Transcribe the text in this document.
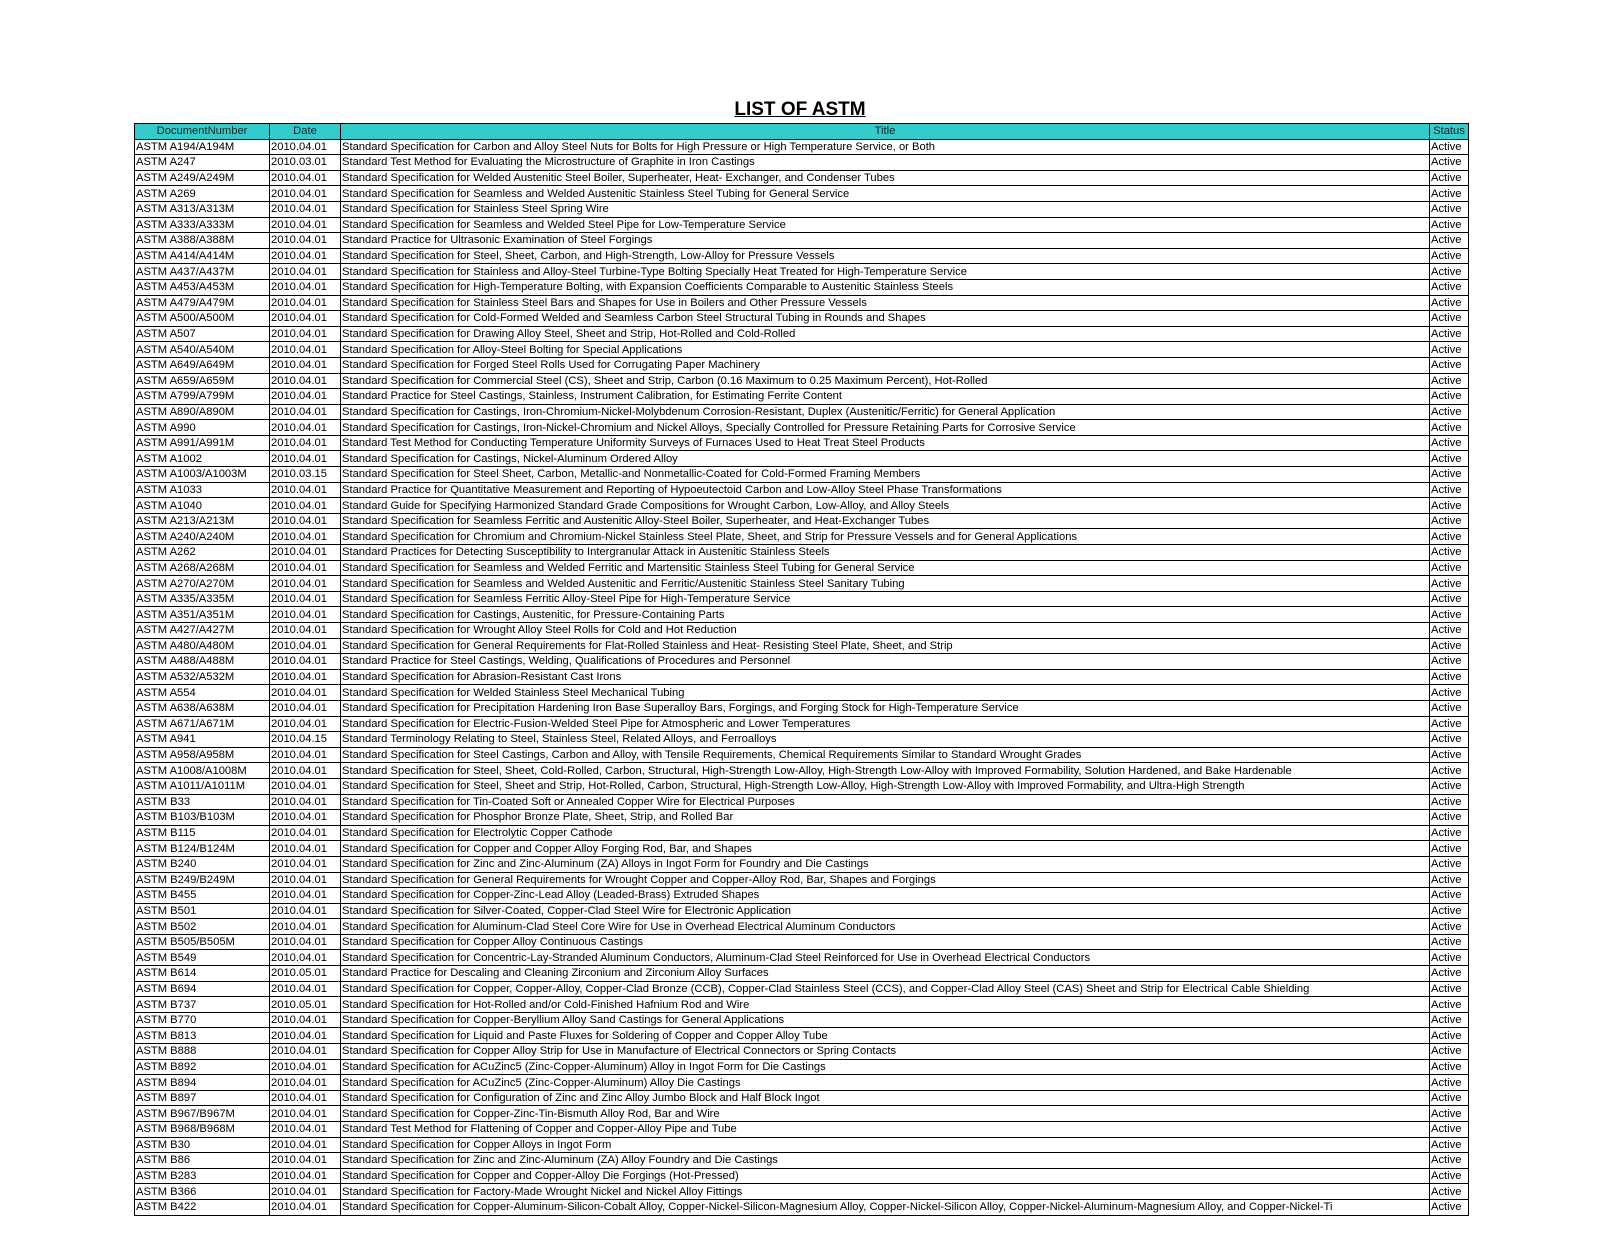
LIST OF ASTM
DocumentNumber	Date	Title	Status
ASTM A194/A194M	2010.04.01	Standard Specification for Carbon and Alloy Steel Nuts for Bolts for High Pressure or High Temperature Service, or Both	Active
ASTM A247	2010.03.01	Standard Test Method for Evaluating the Microstructure of Graphite in Iron Castings	Active
ASTM A249/A249M	2010.04.01	Standard Specification for Welded Austenitic Steel Boiler, Superheater, Heat- Exchanger, and Condenser Tubes	Active
ASTM A269	2010.04.01	Standard Specification for Seamless and Welded Austenitic Stainless Steel Tubing for General Service	Active
ASTM A313/A313M	2010.04.01	Standard Specification for Stainless Steel Spring Wire	Active
ASTM A333/A333M	2010.04.01	Standard Specification for Seamless and Welded Steel Pipe for Low-Temperature Service	Active
ASTM A388/A388M	2010.04.01	Standard Practice for Ultrasonic Examination of Steel Forgings	Active
ASTM A414/A414M	2010.04.01	Standard Specification for Steel, Sheet, Carbon, and High-Strength, Low-Alloy for Pressure Vessels	Active
ASTM A437/A437M	2010.04.01	Standard Specification for Stainless and Alloy-Steel Turbine-Type Bolting Specially Heat Treated for High-Temperature Service	Active
ASTM A453/A453M	2010.04.01	Standard Specification for High-Temperature Bolting, with Expansion Coefficients Comparable to Austenitic Stainless Steels	Active
ASTM A479/A479M	2010.04.01	Standard Specification for Stainless Steel Bars and Shapes for Use in Boilers and Other Pressure Vessels	Active
ASTM A500/A500M	2010.04.01	Standard Specification for Cold-Formed Welded and Seamless Carbon Steel Structural Tubing in Rounds and Shapes	Active
ASTM A507	2010.04.01	Standard Specification for Drawing Alloy Steel, Sheet and Strip, Hot-Rolled and Cold-Rolled	Active
ASTM A540/A540M	2010.04.01	Standard Specification for Alloy-Steel Bolting for Special Applications	Active
ASTM A649/A649M	2010.04.01	Standard Specification for Forged Steel Rolls Used for Corrugating Paper Machinery	Active
ASTM A659/A659M	2010.04.01	Standard Specification for Commercial Steel (CS), Sheet and Strip, Carbon (0.16 Maximum to 0.25 Maximum Percent), Hot-Rolled	Active
ASTM A799/A799M	2010.04.01	Standard Practice for Steel Castings, Stainless, Instrument Calibration, for Estimating Ferrite Content	Active
ASTM A890/A890M	2010.04.01	Standard Specification for Castings, Iron-Chromium-Nickel-Molybdenum Corrosion-Resistant, Duplex (Austenitic/Ferritic) for General Application	Active
ASTM A990	2010.04.01	Standard Specification for Castings, Iron-Nickel-Chromium and Nickel Alloys, Specially Controlled for Pressure Retaining Parts for Corrosive Service	Active
ASTM A991/A991M	2010.04.01	Standard Test Method for Conducting Temperature Uniformity Surveys of Furnaces Used to Heat Treat Steel Products	Active
ASTM A1002	2010.04.01	Standard Specification for Castings, Nickel-Aluminum Ordered Alloy	Active
ASTM A1003/A1003M	2010.03.15	Standard Specification for Steel Sheet, Carbon, Metallic-and Nonmetallic-Coated for Cold-Formed Framing Members	Active
ASTM A1033	2010.04.01	Standard Practice for Quantitative Measurement and Reporting of Hypoeutectoid Carbon and Low-Alloy Steel Phase Transformations	Active
ASTM A1040	2010.04.01	Standard Guide for Specifying Harmonized Standard Grade Compositions for Wrought Carbon, Low-Alloy, and Alloy Steels	Active
ASTM A213/A213M	2010.04.01	Standard Specification for Seamless Ferritic and Austenitic Alloy-Steel Boiler, Superheater, and Heat-Exchanger Tubes	Active
ASTM A240/A240M	2010.04.01	Standard Specification for Chromium and Chromium-Nickel Stainless Steel Plate, Sheet, and Strip for Pressure Vessels and for General Applications	Active
ASTM A262	2010.04.01	Standard Practices for Detecting Susceptibility to Intergranular Attack in Austenitic Stainless Steels	Active
ASTM A268/A268M	2010.04.01	Standard Specification for Seamless and Welded Ferritic and Martensitic Stainless Steel Tubing for General Service	Active
ASTM A270/A270M	2010.04.01	Standard Specification for Seamless and Welded Austenitic and Ferritic/Austenitic Stainless Steel Sanitary Tubing	Active
ASTM A335/A335M	2010.04.01	Standard Specification for Seamless Ferritic Alloy-Steel Pipe for High-Temperature Service	Active
ASTM A351/A351M	2010.04.01	Standard Specification for Castings, Austenitic, for Pressure-Containing Parts	Active
ASTM A427/A427M	2010.04.01	Standard Specification for Wrought Alloy Steel Rolls for Cold and Hot Reduction	Active
ASTM A480/A480M	2010.04.01	Standard Specification for General Requirements for Flat-Rolled Stainless and Heat- Resisting Steel Plate, Sheet, and Strip	Active
ASTM A488/A488M	2010.04.01	Standard Practice for Steel Castings, Welding, Qualifications of Procedures and Personnel	Active
ASTM A532/A532M	2010.04.01	Standard Specification for Abrasion-Resistant Cast Irons	Active
ASTM A554	2010.04.01	Standard Specification for Welded Stainless Steel Mechanical Tubing	Active
ASTM A638/A638M	2010.04.01	Standard Specification for Precipitation Hardening Iron Base Superalloy Bars, Forgings, and Forging Stock for High-Temperature Service	Active
ASTM A671/A671M	2010.04.01	Standard Specification for Electric-Fusion-Welded Steel Pipe for Atmospheric and Lower Temperatures	Active
ASTM A941	2010.04.15	Standard Terminology Relating to Steel, Stainless Steel, Related Alloys, and Ferroalloys	Active
ASTM A958/A958M	2010.04.01	Standard Specification for Steel Castings, Carbon and Alloy, with Tensile Requirements, Chemical Requirements Similar to Standard Wrought Grades	Active
ASTM A1008/A1008M	2010.04.01	Standard Specification for Steel, Sheet, Cold-Rolled, Carbon, Structural, High-Strength Low-Alloy, High-Strength Low-Alloy with Improved Formability, Solution Hardened, and Bake Hardenable	Active
ASTM A1011/A1011M	2010.04.01	Standard Specification for Steel, Sheet and Strip, Hot-Rolled, Carbon, Structural, High-Strength Low-Alloy, High-Strength Low-Alloy with Improved Formability, and Ultra-High Strength	Active
ASTM B33	2010.04.01	Standard Specification for Tin-Coated Soft or Annealed Copper Wire for Electrical Purposes	Active
ASTM B103/B103M	2010.04.01	Standard Specification for Phosphor Bronze Plate, Sheet, Strip, and Rolled Bar	Active
ASTM B115	2010.04.01	Standard Specification for Electrolytic Copper Cathode	Active
ASTM B124/B124M	2010.04.01	Standard Specification for Copper and Copper Alloy Forging Rod, Bar, and Shapes	Active
ASTM B240	2010.04.01	Standard Specification for Zinc and Zinc-Aluminum (ZA) Alloys in Ingot Form for Foundry and Die Castings	Active
ASTM B249/B249M	2010.04.01	Standard Specification for General Requirements for Wrought Copper and Copper-Alloy Rod, Bar, Shapes and Forgings	Active
ASTM B455	2010.04.01	Standard Specification for Copper-Zinc-Lead Alloy (Leaded-Brass) Extruded Shapes	Active
ASTM B501	2010.04.01	Standard Specification for Silver-Coated, Copper-Clad Steel Wire for Electronic Application	Active
ASTM B502	2010.04.01	Standard Specification for Aluminum-Clad Steel Core Wire for Use in Overhead Electrical Aluminum Conductors	Active
ASTM B505/B505M	2010.04.01	Standard Specification for Copper Alloy Continuous Castings	Active
ASTM B549	2010.04.01	Standard Specification for Concentric-Lay-Stranded Aluminum Conductors, Aluminum-Clad Steel Reinforced for Use in Overhead Electrical Conductors	Active
ASTM B614	2010.05.01	Standard Practice for Descaling and Cleaning Zirconium and Zirconium Alloy Surfaces	Active
ASTM B694	2010.04.01	Standard Specification for Copper, Copper-Alloy, Copper-Clad Bronze (CCB), Copper-Clad Stainless Steel (CCS), and Copper-Clad Alloy Steel (CAS) Sheet and Strip for Electrical Cable Shielding	Active
ASTM B737	2010.05.01	Standard Specification for Hot-Rolled and/or Cold-Finished Hafnium Rod and Wire	Active
ASTM B770	2010.04.01	Standard Specification for Copper-Beryllium Alloy Sand Castings for General Applications	Active
ASTM B813	2010.04.01	Standard Specification for Liquid and Paste Fluxes for Soldering of Copper and Copper Alloy Tube	Active
ASTM B888	2010.04.01	Standard Specification for Copper Alloy Strip for Use in Manufacture of Electrical Connectors or Spring Contacts	Active
ASTM B892	2010.04.01	Standard Specification for ACuZinc5 (Zinc-Copper-Aluminum) Alloy in Ingot Form for Die Castings	Active
ASTM B894	2010.04.01	Standard Specification for ACuZinc5 (Zinc-Copper-Aluminum) Alloy Die Castings	Active
ASTM B897	2010.04.01	Standard Specification for Configuration of Zinc and Zinc Alloy Jumbo Block and Half Block Ingot	Active
ASTM B967/B967M	2010.04.01	Standard Specification for Copper-Zinc-Tin-Bismuth Alloy Rod, Bar and Wire	Active
ASTM B968/B968M	2010.04.01	Standard Test Method for Flattening of Copper and Copper-Alloy Pipe and Tube	Active
ASTM B30	2010.04.01	Standard Specification for Copper Alloys in Ingot Form	Active
ASTM B86	2010.04.01	Standard Specification for Zinc and Zinc-Aluminum (ZA) Alloy Foundry and Die Castings	Active
ASTM B283	2010.04.01	Standard Specification for Copper and Copper-Alloy Die Forgings (Hot-Pressed)	Active
ASTM B366	2010.04.01	Standard Specification for Factory-Made Wrought Nickel and Nickel Alloy Fittings	Active
ASTM B422	2010.04.01	Standard Specification for Copper-Aluminum-Silicon-Cobalt Alloy, Copper-Nickel-Silicon-Magnesium Alloy, Copper-Nickel-Silicon Alloy, Copper-Nickel-Aluminum-Magnesium Alloy, and Copper-Nickel-Ti	Active
